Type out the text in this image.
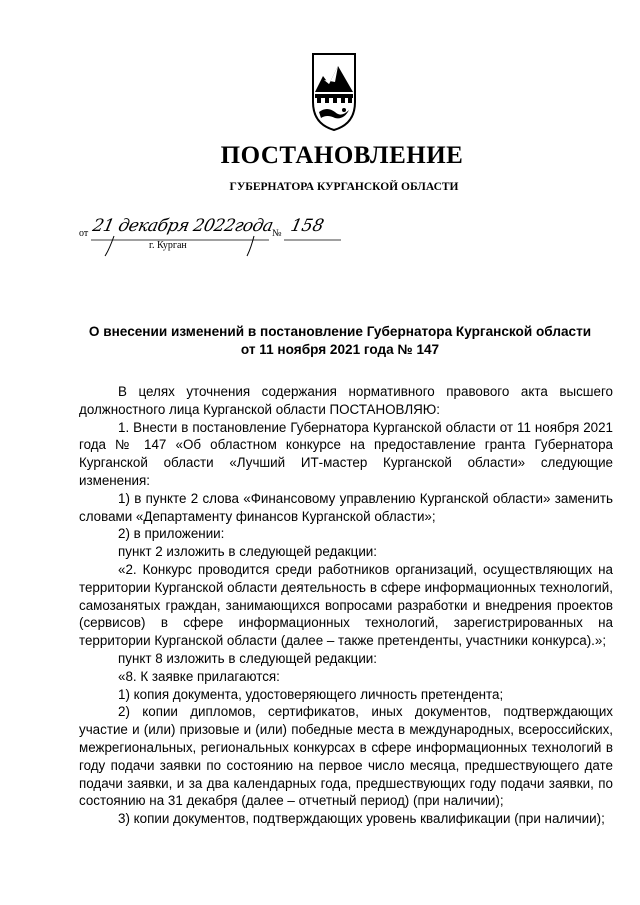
ПОСТАНОВЛЕНИЕ
ГУБЕРНАТОРА КУРГАНСКОЙ ОБЛАСТИ
от 21 декабря 2022года
№ 158
г. Курган
О внесении изменений в постановление Губернатора Курганской области
от 11 ноября 2021 года № 147

В целях уточнения содержания нормативного правового акта высшего должностного лица Курганской области ПОСТАНОВЛЯЮ:

1. Внести в постановление Губернатора Курганской области от 11 ноября 2021 года № 147 «Об областном конкурсе на предоставление гранта Губернатора Курганской области «Лучший ИТ-мастер Курганской области» следующие изменения:

1) в пункте 2 слова «Финансовому управлению Курганской области» заменить словами «Департаменту финансов Курганской области»;

2) в приложении:

пункт 2 изложить в следующей редакции:

«2. Конкурс проводится среди работников организаций, осуществляющих на территории Курганской области деятельность в сфере информационных технологий, самозанятых граждан, занимающихся вопросами разработки и внедрения проектов (сервисов) в сфере информационных технологий, зарегистрированных на территории Курганской области (далее – также претенденты, участники конкурса).»;

пункт 8 изложить в следующей редакции:

«8. К заявке прилагаются:

1) копия документа, удостоверяющего личность претендента;

2) копии дипломов, сертификатов, иных документов, подтверждающих участие и (или) призовые и (или) победные места в международных, всероссийских, межрегиональных, региональных конкурсах в сфере информационных технологий в году подачи заявки по состоянию на первое число месяца, предшествующего дате подачи заявки, и за два календарных года, предшествующих году подачи заявки, по состоянию на 31 декабря (далее – отчетный период) (при наличии);

3) копии документов, подтверждающих уровень квалификации (при наличии);
